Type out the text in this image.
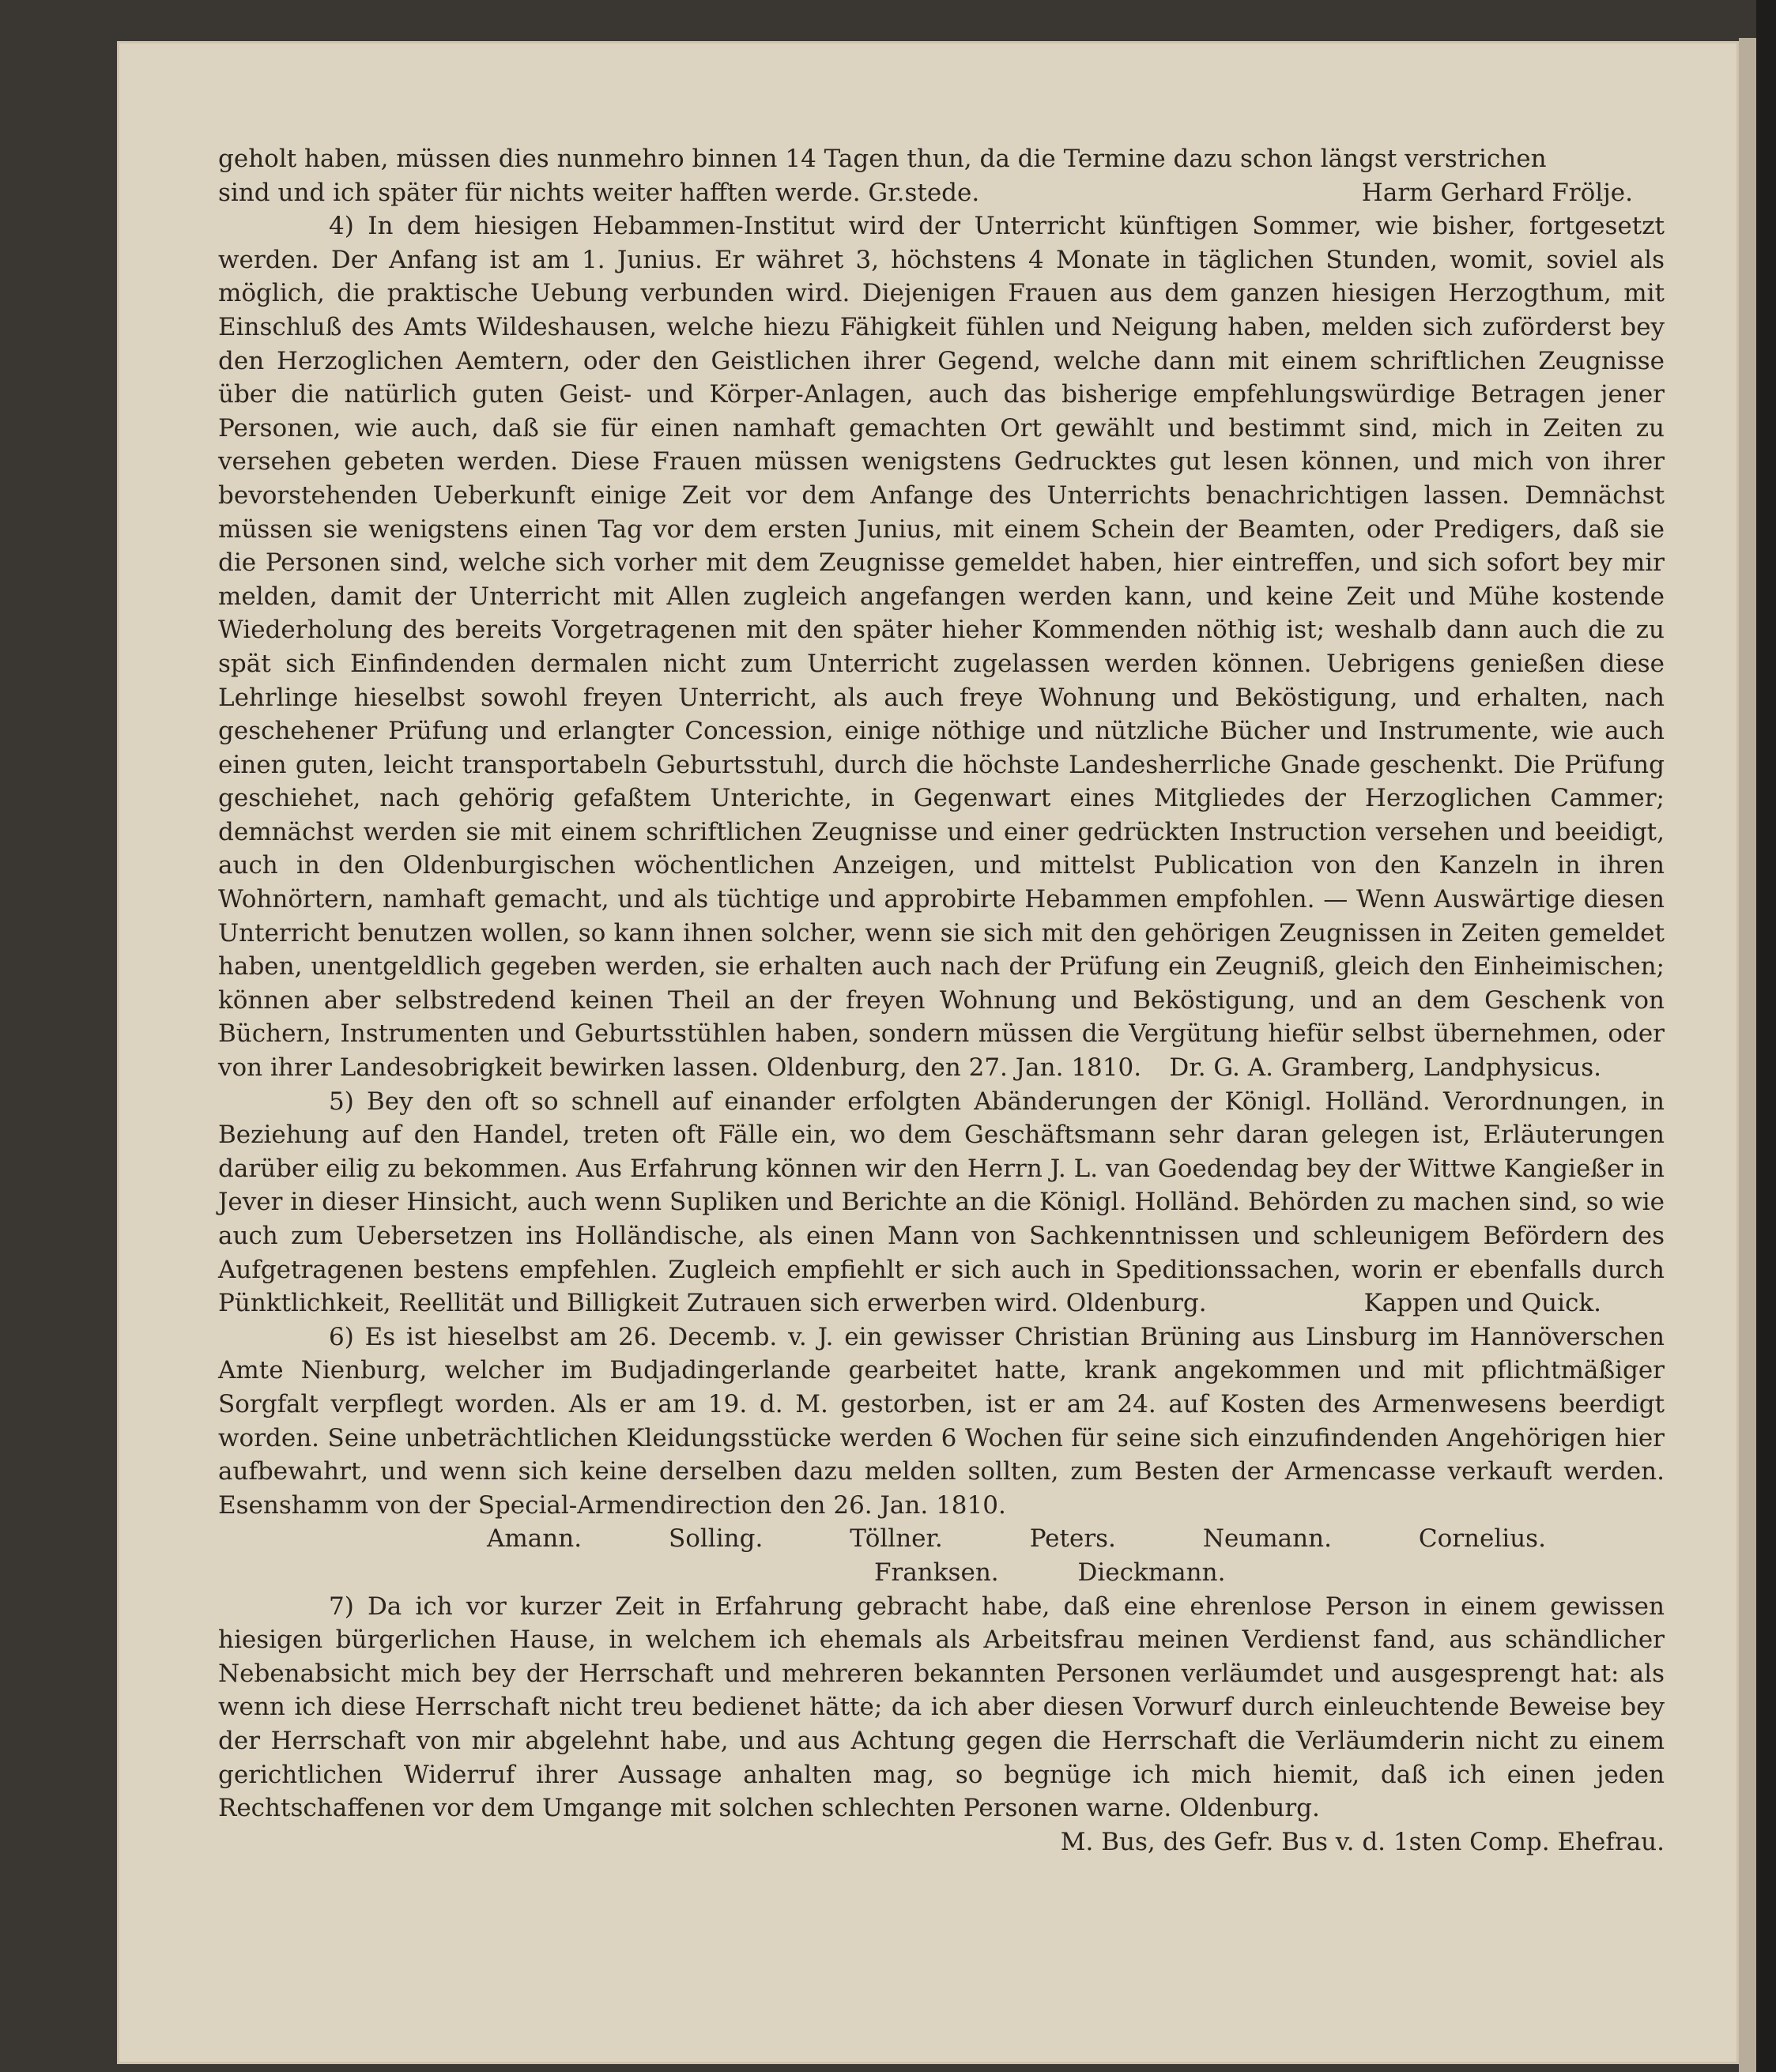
geholt haben, müssen dies nunmehro binnen 14 Tagen thun, da die Termine dazu schon längst verstrichen

sind und ich später für nichts weiter hafften werde. Gr.stede.	Harm Gerhard Frölje.

4) In dem hiesigen Hebammen-Institut wird der Unterricht künftigen Sommer, wie bisher, fortgesetzt werden. Der Anfang ist am 1. Junius. Er währet 3, höchstens 4 Monate in täglichen Stunden, womit, soviel als möglich, die praktische Uebung verbunden wird. Diejenigen Frauen aus dem ganzen hiesigen Herzogthum, mit Einschluß des Amts Wildeshausen, welche hiezu Fähigkeit fühlen und Neigung haben, melden sich zuförderst bey den Herzoglichen Aemtern, oder den Geistlichen ihrer Gegend, welche dann mit einem schriftlichen Zeugnisse über die natürlich guten Geist- und Körper-Anlagen, auch das bisherige empfehlungswürdige Betragen jener Personen, wie auch, daß sie für einen namhaft gemachten Ort gewählt und bestimmt sind, mich in Zeiten zu versehen gebeten werden. Diese Frauen müssen wenigstens Gedrucktes gut lesen können, und mich von ihrer bevorstehenden Ueberkunft einige Zeit vor dem Anfange des Unterrichts benachrichtigen lassen. Demnächst müssen sie wenigstens einen Tag vor dem ersten Junius, mit einem Schein der Beamten, oder Predigers, daß sie die Personen sind, welche sich vorher mit dem Zeugnisse gemeldet haben, hier eintreffen, und sich sofort bey mir melden, damit der Unterricht mit Allen zugleich angefangen werden kann, und keine Zeit und Mühe kostende Wiederholung des bereits Vorgetragenen mit den später hieher Kommenden nöthig ist; weshalb dann auch die zu spät sich Einfindenden dermalen nicht zum Unterricht zugelassen werden können. Uebrigens genießen diese Lehrlinge hieselbst sowohl freyen Unterricht, als auch freye Wohnung und Beköstigung, und erhalten, nach geschehener Prüfung und erlangter Concession, einige nöthige und nützliche Bücher und Instrumente, wie auch einen guten, leicht transportabeln Geburtsstuhl, durch die höchste Landesherrliche Gnade geschenkt. Die Prüfung geschiehet, nach gehörig gefaßtem Unterichte, in Gegenwart eines Mitgliedes der Herzoglichen Cammer; demnächst werden sie mit einem schriftlichen Zeugnisse und einer gedrückten Instruction versehen und beeidigt, auch in den Oldenburgischen wöchentlichen Anzeigen, und mittelst Publication von den Kanzeln in ihren Wohnörtern, namhaft gemacht, und als tüchtige und approbirte Hebammen empfohlen. — Wenn Auswärtige diesen Unterricht benutzen wollen, so kann ihnen solcher, wenn sie sich mit den gehörigen Zeugnissen in Zeiten gemeldet haben, unentgeldlich gegeben werden, sie erhalten auch nach der Prüfung ein Zeugniß, gleich den Einheimischen; können aber selbstredend keinen Theil an der freyen Wohnung und Beköstigung, und an dem Geschenk von Büchern, Instrumenten und Geburtsstühlen haben, sondern müssen die Vergütung hiefür selbst übernehmen, oder von ihrer Landesobrigkeit bewirken lassen. Oldenburg, den 27. Jan. 1810.	Dr. G. A. Gramberg, Landphysicus.

5) Bey den oft so schnell auf einander erfolgten Abänderungen der Königl. Holländ. Verordnungen, in Beziehung auf den Handel, treten oft Fälle ein, wo dem Geschäftsmann sehr daran gelegen ist, Erläuterungen darüber eilig zu bekommen. Aus Erfahrung können wir den Herrn J. L. van Goedendag bey der Wittwe Kangießer in Jever in dieser Hinsicht, auch wenn Supliken und Berichte an die Königl. Holländ. Behörden zu machen sind, so wie auch zum Uebersetzen ins Holländische, als einen Mann von Sachkenntnissen und schleunigem Befördern des Aufgetragenen bestens empfehlen. Zugleich empfiehlt er sich auch in Speditionssachen, worin er ebenfalls durch Pünktlichkeit, Reellität und Billigkeit Zutrauen sich erwerben wird. Oldenburg.	Kappen und Quick.

6) Es ist hieselbst am 26. Decemb. v. J. ein gewisser Christian Brüning aus Linsburg im Hannöverschen Amte Nienburg, welcher im Budjadingerlande gearbeitet hatte, krank angekommen und mit pflichtmäßiger Sorgfalt verpflegt worden. Als er am 19. d. M. gestorben, ist er am 24. auf Kosten des Armenwesens beerdigt worden. Seine unbeträchtlichen Kleidungsstücke werden 6 Wochen für seine sich einzufindenden Angehörigen hier aufbewahrt, und wenn sich keine derselben dazu melden sollten, zum Besten der Armencasse verkauft werden. Esenshamm von der Special-Armendirection den 26. Jan. 1810.

Amann.	Solling.	Töllner.	Peters.	Neumann.	Cornelius.

Franksen.	Dieckmann.

7) Da ich vor kurzer Zeit in Erfahrung gebracht habe, daß eine ehrenlose Person in einem gewissen hiesigen bürgerlichen Hause, in welchem ich ehemals als Arbeitsfrau meinen Verdienst fand, aus schändlicher Nebenabsicht mich bey der Herrschaft und mehreren bekannten Personen verläumdet und ausgesprengt hat: als wenn ich diese Herrschaft nicht treu bedienet hätte; da ich aber diesen Vorwurf durch einleuchtende Beweise bey der Herrschaft von mir abgelehnt habe, und aus Achtung gegen die Herrschaft die Verläumderin nicht zu einem gerichtlichen Widerruf ihrer Aussage anhalten mag, so begnüge ich mich hiemit, daß ich einen jeden Rechtschaffenen vor dem Umgange mit solchen schlechten Personen warne. Oldenburg.

M. Bus, des Gefr. Bus v. d. 1sten Comp. Ehefrau.
